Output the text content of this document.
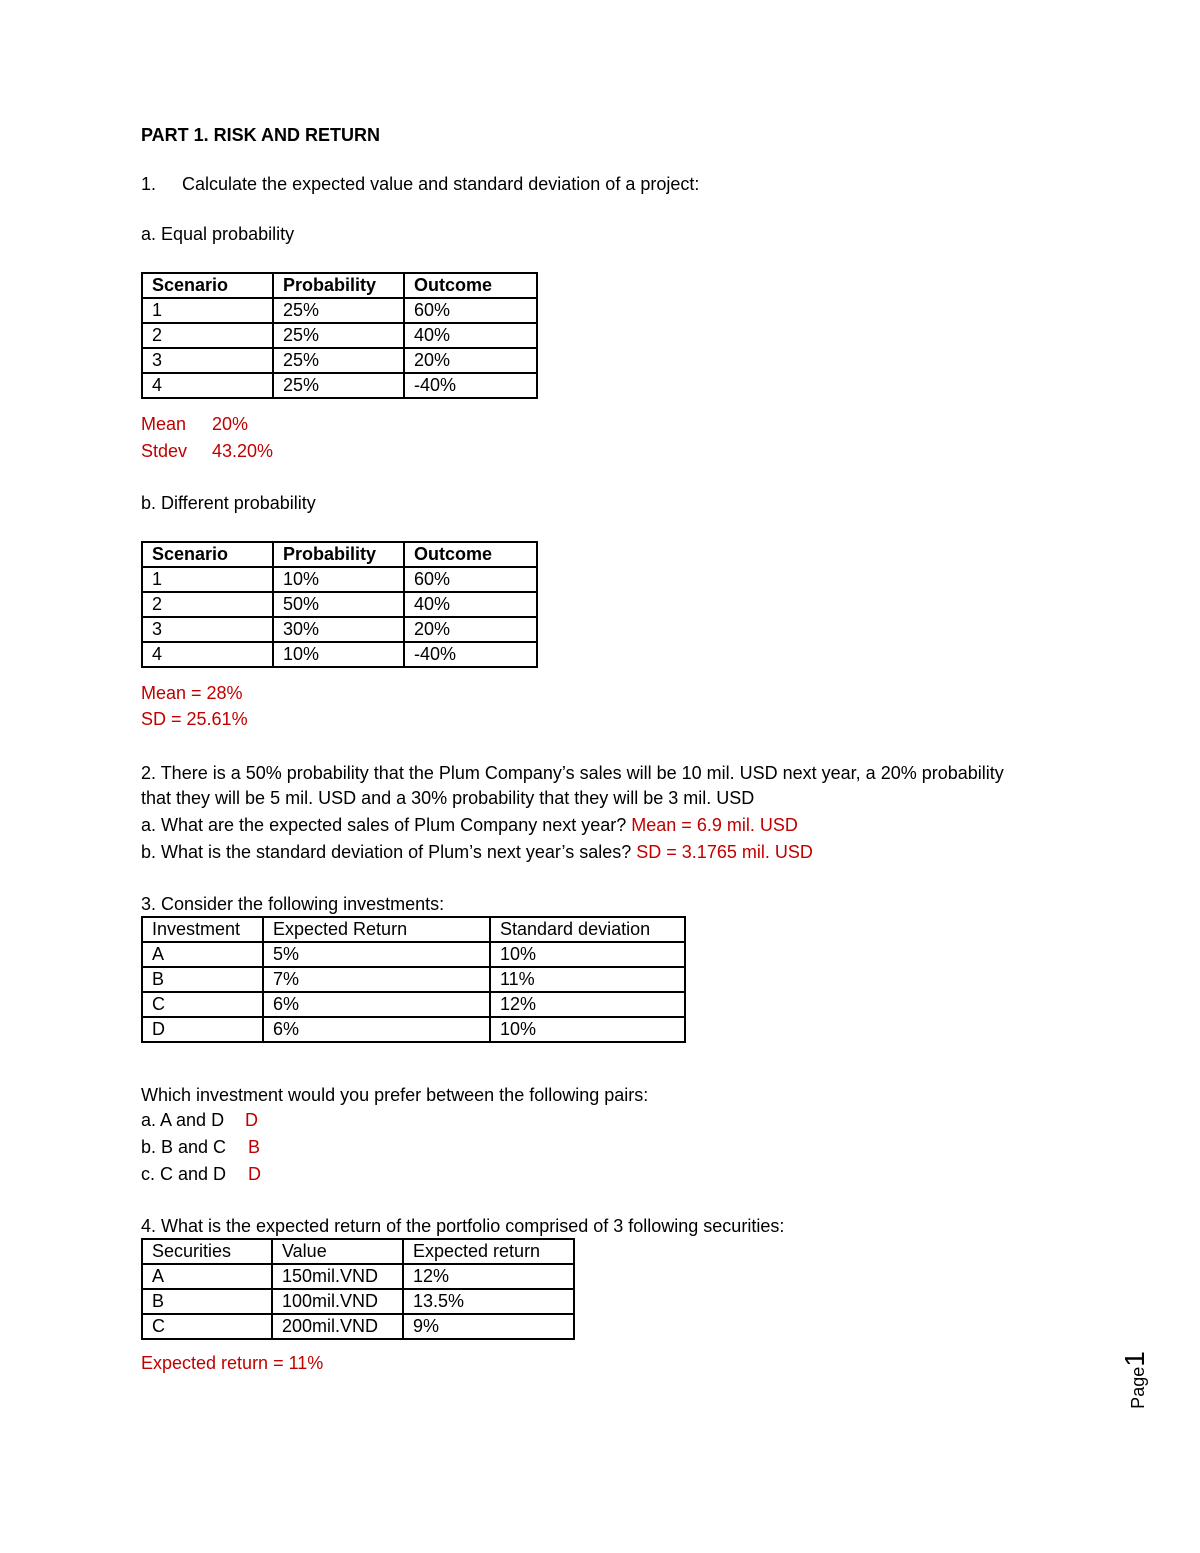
PART 1. RISK AND RETURN
1. Calculate the expected value and standard deviation of a project:
a. Equal probability
Scenario	Probability	Outcome
1	25%	60%
2	25%	40%
3	25%	20%
4	25%	-40%
Mean 20%
Stdev 43.20%
b. Different probability
Scenario	Probability	Outcome
1	10%	60%
2	50%	40%
3	30%	20%
4	10%	-40%
Mean = 28%
SD = 25.61%
2. There is a 50% probability that the Plum Company’s sales will be 10 mil. USD next year, a 20% probability
that they will be 5 mil. USD and a 30% probability that they will be 3 mil. USD
a. What are the expected sales of Plum Company next year? Mean = 6.9 mil. USD
b. What is the standard deviation of Plum’s next year’s sales? SD = 3.1765 mil. USD
3. Consider the following investments:
Investment	Expected Return	Standard deviation
A	5%	10%
B	7%	11%
C	6%	12%
D	6%	10%
Which investment would you prefer between the following pairs:
a. A and D D
b. B and C B
c. C and D D
4. What is the expected return of the portfolio comprised of 3 following securities:
Securities	Value	Expected return
A	150mil.VND	12%
B	100mil.VND	13.5%
C	200mil.VND	9%
Expected return = 11%
Page1
